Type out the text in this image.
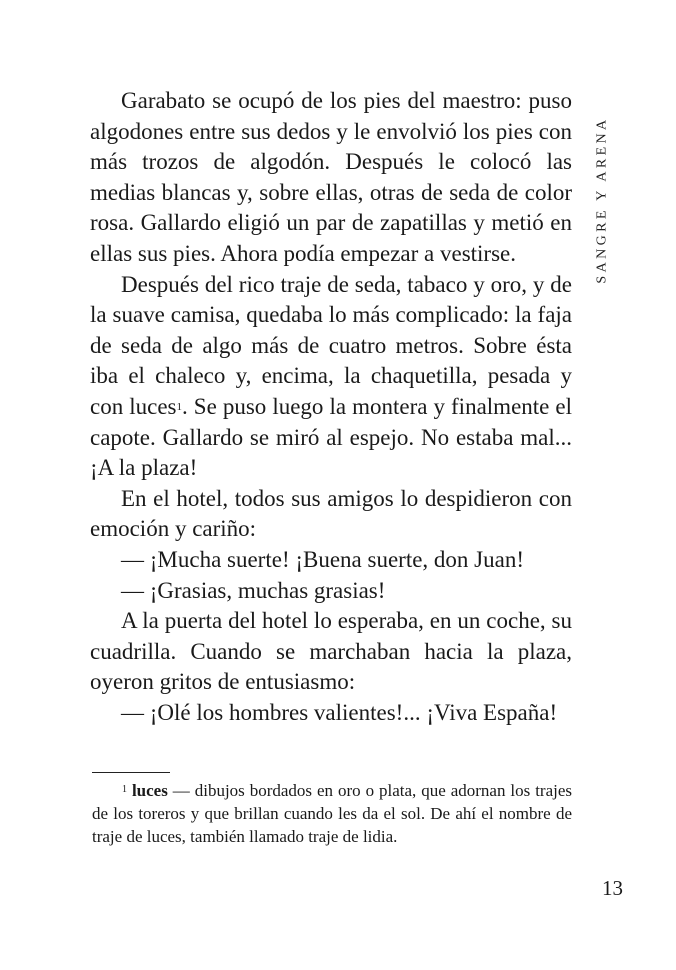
SANGRE Y ARENA

Garabato se ocupó de los pies del maestro: puso algodones entre sus dedos y le envolvió los pies con más trozos de algodón. Después le colocó las medias blancas y, sobre ellas, otras de seda de color rosa. Gallardo eligió un par de zapatillas y metió en ellas sus pies. Ahora podía empezar a vestirse.

Después del rico traje de seda, tabaco y oro, y de la suave camisa, quedaba lo más complicado: la faja de seda de algo más de cuatro metros. Sobre ésta iba el chaleco y, encima, la chaquetilla, pesada y con luces$^1$. Se puso luego la montera y finalmente el capote. Gallardo se miró al espejo. No estaba mal... ¡A la plaza!

En el hotel, todos sus amigos lo despidieron con emoción y cariño:

— ¡Mucha suerte! ¡Buena suerte, don Juan!

— ¡Grasias, muchas grasias!

A la puerta del hotel lo esperaba, en un coche, su cuadrilla. Cuando se marchaban hacia la plaza, oyeron gritos de entusiasmo:

— ¡Olé los hombres valientes!... ¡Viva España!

$^1$ luces — dibujos bordados en oro o plata, que adornan los trajes de los toreros y que brillan cuando les da el sol. De ahí el nombre de traje de luces, también llamado traje de lidia.

13
